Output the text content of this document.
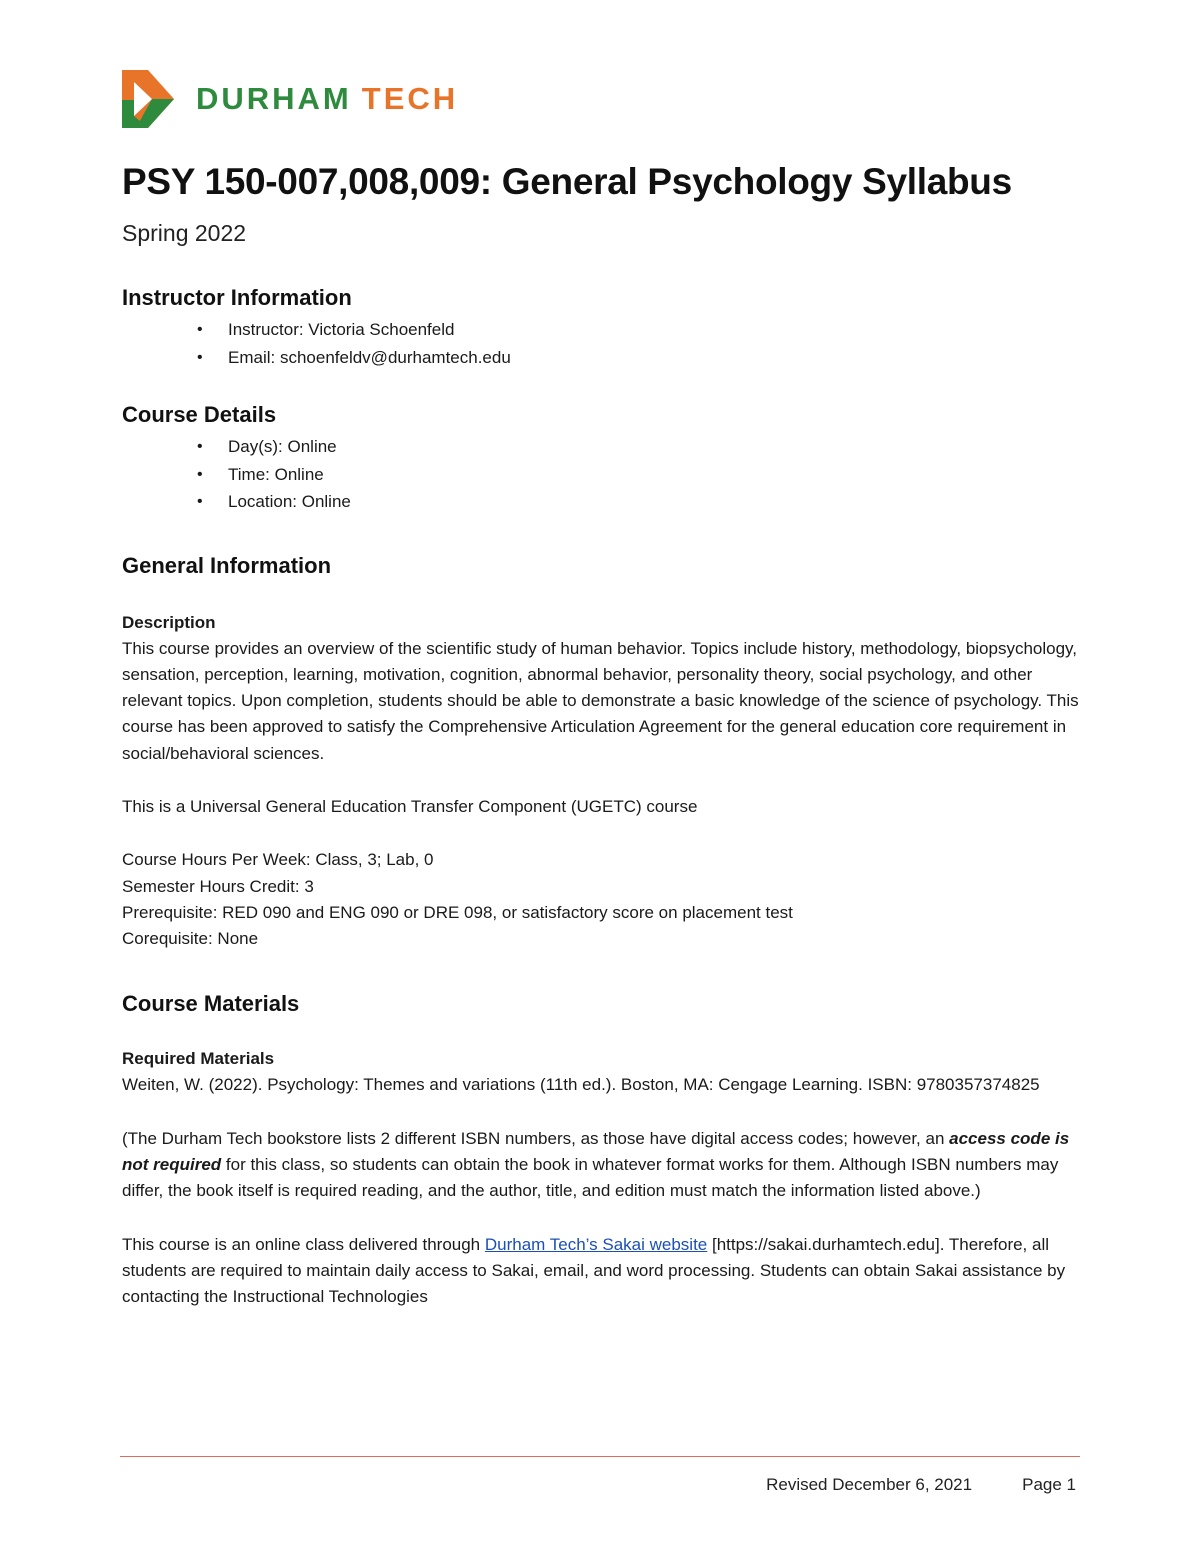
DURHAM TECH
PSY 150-007,008,009: General Psychology Syllabus
Spring 2022
Instructor Information
• Instructor: Victoria Schoenfeld
• Email: schoenfeldv@durhamtech.edu
Course Details
• Day(s): Online
• Time: Online
• Location: Online
General Information
Description

This course provides an overview of the scientific study of human behavior. Topics include history, methodology, biopsychology, sensation, perception, learning, motivation, cognition, abnormal behavior, personality theory, social psychology, and other relevant topics. Upon completion, students should be able to demonstrate a basic knowledge of the science of psychology. This course has been approved to satisfy the Comprehensive Articulation Agreement for the general education core requirement in social/behavioral sciences.

This is a Universal General Education Transfer Component (UGETC) course

Course Hours Per Week: Class, 3; Lab, 0

Semester Hours Credit: 3

Prerequisite: RED 090 and ENG 090 or DRE 098, or satisfactory score on placement test

Corequisite: None

Course Materials
Required Materials

Weiten, W. (2022). Psychology: Themes and variations (11th ed.). Boston, MA: Cengage Learning. ISBN: 9780357374825

(The Durham Tech bookstore lists 2 different ISBN numbers, as those have digital access codes; however, an access code is not required for this class, so students can obtain the book in whatever format works for them. Although ISBN numbers may differ, the book itself is required reading, and the author, title, and edition must match the information listed above.)

This course is an online class delivered through Durham Tech’s Sakai website [https://sakai.durhamtech.edu]. Therefore, all students are required to maintain daily access to Sakai, email, and word processing. Students can obtain Sakai assistance by contacting the Instructional Technologies

Revised December 6, 2021	Page 1
